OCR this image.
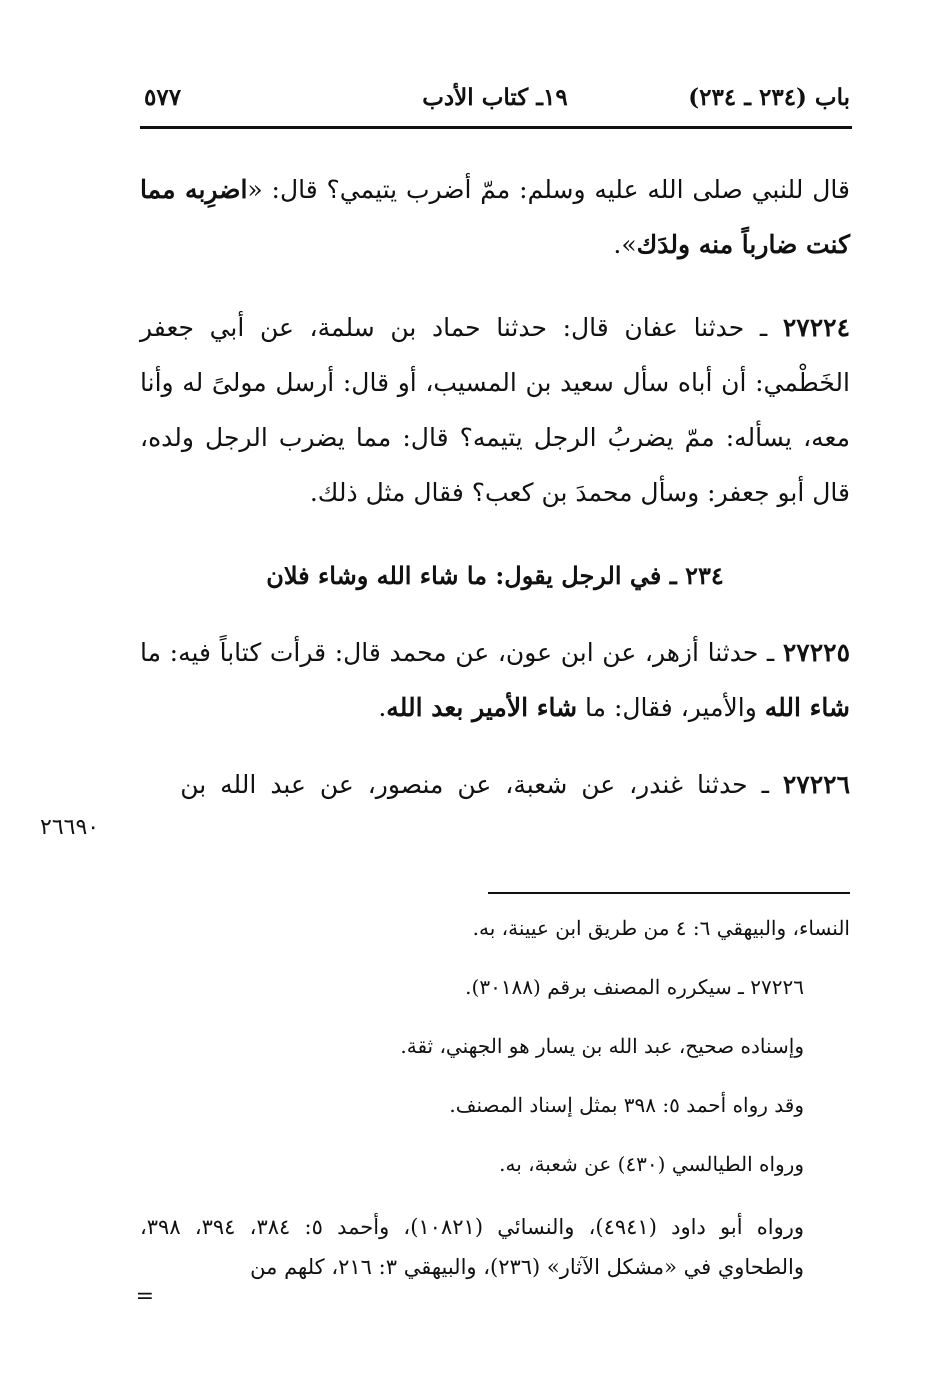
باب (٢٣٤ ـ ٢٣٤)
١٩ـ كتاب الأدب
٥٧٧

قال للنبي صلى الله عليه وسلم: ممّ أضرب يتيمي؟ قال: «اضرِبه مما كنت ضارباً منه ولدَك».

٢٧٢٢٤ ـ حدثنا عفان قال: حدثنا حماد بن سلمة، عن أبي جعفر الخَطْمي: أن أباه سأل سعيد بن المسيب، أو قال: أرسل مولىً له وأنا معه، يسأله: ممّ يضربُ الرجل يتيمه؟ قال: مما يضرب الرجل ولده، قال أبو جعفر: وسأل محمدَ بن كعب؟ فقال مثل ذلك.

٢٣٤ ـ في الرجل يقول: ما شاء الله وشاء فلان

٢٧٢٢٥ ـ حدثنا أزهر، عن ابن عون، عن محمد قال: قرأت كتاباً فيه: ما شاء الله والأمير، فقال: ما شاء الأمير بعد الله.

٢٧٢٢٦ ـ حدثنا غندر، عن شعبة، عن منصور، عن عبد الله بن

٢٦٦٩٠

النساء، والبيهقي ٦: ٤ من طريق ابن عيينة، به.

٢٧٢٢٦ ـ سيكرره المصنف برقم (٣٠١٨٨).

وإسناده صحيح، عبد الله بن يسار هو الجهني، ثقة.

وقد رواه أحمد ٥: ٣٩٨ بمثل إسناد المصنف.

ورواه الطيالسي (٤٣٠) عن شعبة، به.

ورواه أبو داود (٤٩٤١)، والنسائي (١٠٨٢١)، وأحمد ٥: ٣٨٤، ٣٩٤، ٣٩٨، والطحاوي في «مشكل الآثار» (٢٣٦)، والبيهقي ٣: ٢١٦، كلهم من

=
